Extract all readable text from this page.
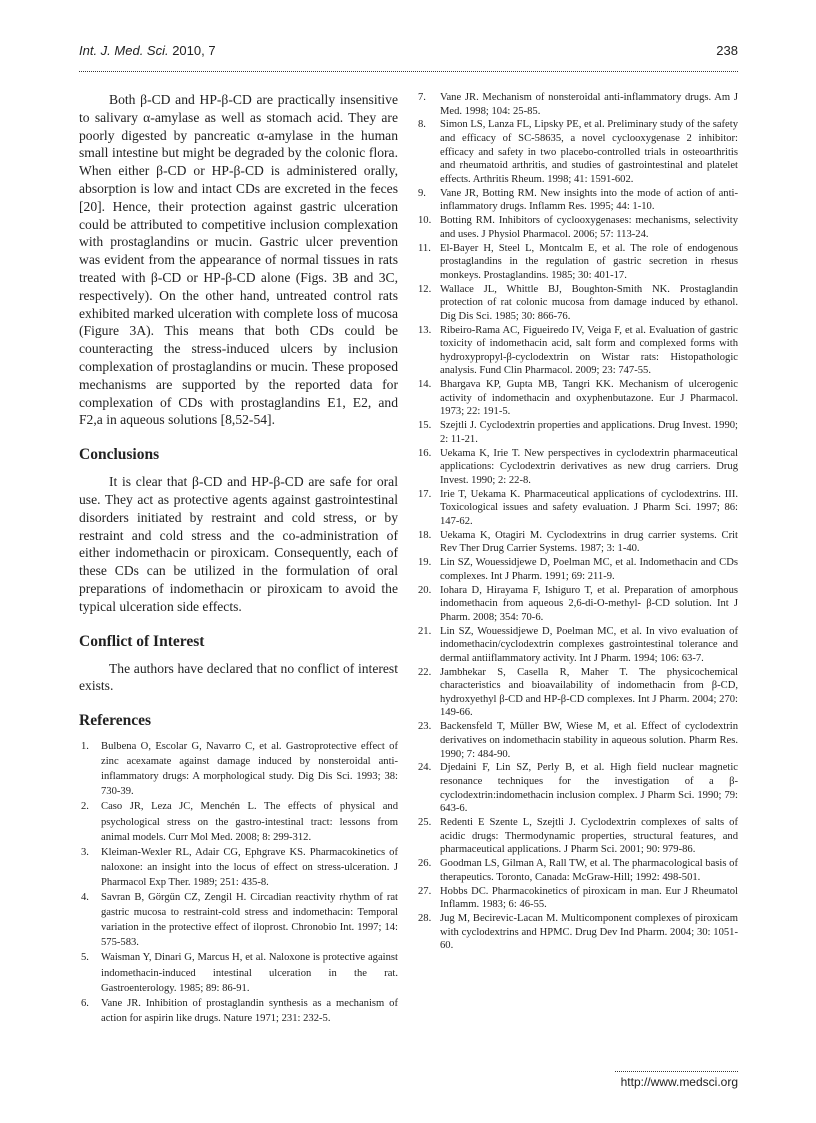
Int. J. Med. Sci. 2010, 7	238

Both β-CD and HP-β-CD are practically insensitive to salivary α-amylase as well as stomach acid. They are poorly digested by pancreatic α-amylase in the human small intestine but might be degraded by the colonic flora. When either β-CD or HP-β-CD is administered orally, absorption is low and intact CDs are excreted in the feces [20]. Hence, their protection against gastric ulceration could be attributed to competitive inclusion complexation with prostaglandins or mucin. Gastric ulcer prevention was evident from the appearance of normal tissues in rats treated with β-CD or HP-β-CD alone (Figs. 3B and 3C, respectively). On the other hand, untreated control rats exhibited marked ulceration with complete loss of mucosa (Figure 3A). This means that both CDs could be counteracting the stress-induced ulcers by inclusion complexation of prostaglandins or mucin. These proposed mechanisms are supported by the reported data for complexation of CDs with prostaglandins E1, E2, and F2,a in aqueous solutions [8,52-54].

Conclusions

It is clear that β-CD and HP-β-CD are safe for oral use. They act as protective agents against gastrointestinal disorders initiated by restraint and cold stress, or by restraint and cold stress and the co-administration of either indomethacin or piroxicam. Consequently, each of these CDs can be utilized in the formulation of oral preparations of indomethacin or piroxicam to avoid the typical ulceration side effects.

Conflict of Interest

The authors have declared that no conflict of interest exists.

References
1. Bulbena O, Escolar G, Navarro C, et al. Gastroprotective effect of zinc acexamate against damage induced by nonsteroidal anti-inflammatory drugs: A morphological study. Dig Dis Sci. 1993; 38: 730-39.
2. Caso JR, Leza JC, Menchén L. The effects of physical and psychological stress on the gastro-intestinal tract: lessons from animal models. Curr Mol Med. 2008; 8: 299-312.
3. Kleiman-Wexler RL, Adair CG, Ephgrave KS. Pharmacokinetics of naloxone: an insight into the locus of effect on stress-ulceration. J Pharmacol Exp Ther. 1989; 251: 435-8.
4. Savran B, Görgün CZ, Zengil H. Circadian reactivity rhythm of rat gastric mucosa to restraint-cold stress and indomethacin: Temporal variation in the protective effect of iloprost. Chronobio Int. 1997; 14: 575-583.
5. Waisman Y, Dinari G, Marcus H, et al. Naloxone is protective against indomethacin-induced intestinal ulceration in the rat. Gastroenterology. 1985; 89: 86-91.
6. Vane JR. Inhibition of prostaglandin synthesis as a mechanism of action for aspirin like drugs. Nature 1971; 231: 232-5.
7. Vane JR. Mechanism of nonsteroidal anti-inflammatory drugs. Am J Med. 1998; 104: 25-85.
8. Simon LS, Lanza FL, Lipsky PE, et al. Preliminary study of the safety and efficacy of SC-58635, a novel cyclooxygenase 2 inhibitor: efficacy and safety in two placebo-controlled trials in osteoarthritis and rheumatoid arthritis, and studies of gastrointestinal and platelet effects. Arthritis Rheum. 1998; 41: 1591-602.
9. Vane JR, Botting RM. New insights into the mode of action of anti-inflammatory drugs. Inflamm Res. 1995; 44: 1-10.
10. Botting RM. Inhibitors of cyclooxygenases: mechanisms, selectivity and uses. J Physiol Pharmacol. 2006; 57: 113-24.
11. El-Bayer H, Steel L, Montcalm E, et al. The role of endogenous prostaglandins in the regulation of gastric secretion in rhesus monkeys. Prostaglandins. 1985; 30: 401-17.
12. Wallace JL, Whittle BJ, Boughton-Smith NK. Prostaglandin protection of rat colonic mucosa from damage induced by ethanol. Dig Dis Sci. 1985; 30: 866-76.
13. Ribeiro-Rama AC, Figueiredo IV, Veiga F, et al. Evaluation of gastric toxicity of indomethacin acid, salt form and complexed forms with hydroxypropyl-β-cyclodextrin on Wistar rats: Histopathologic analysis. Fund Clin Pharmacol. 2009; 23: 747-55.
14. Bhargava KP, Gupta MB, Tangri KK. Mechanism of ulcerogenic activity of indomethacin and oxyphenbutazone. Eur J Pharmacol. 1973; 22: 191-5.
15. Szejtli J. Cyclodextrin properties and applications. Drug Invest. 1990; 2: 11-21.
16. Uekama K, Irie T. New perspectives in cyclodextrin pharmaceutical applications: Cyclodextrin derivatives as new drug carriers. Drug Invest. 1990; 2: 22-8.
17. Irie T, Uekama K. Pharmaceutical applications of cyclodextrins. III. Toxicological issues and safety evaluation. J Pharm Sci. 1997; 86: 147-62.
18. Uekama K, Otagiri M. Cyclodextrins in drug carrier systems. Crit Rev Ther Drug Carrier Systems. 1987; 3: 1-40.
19. Lin SZ, Wouessidjewe D, Poelman MC, et al. Indomethacin and CDs complexes. Int J Pharm. 1991; 69: 211-9.
20. Iohara D, Hirayama F, Ishiguro T, et al. Preparation of amorphous indomethacin from aqueous 2,6-di-O-methyl- β-CD solution. Int J Pharm. 2008; 354: 70-6.
21. Lin SZ, Wouessidjewe D, Poelman MC, et al. In vivo evaluation of indomethacin/cyclodextrin complexes gastrointestinal tolerance and dermal antiiflammatory activity. Int J Pharm. 1994; 106: 63-7.
22. Jambhekar S, Casella R, Maher T. The physicochemical characteristics and bioavailability of indomethacin from β-CD, hydroxyethyl β-CD and HP-β-CD complexes. Int J Pharm. 2004; 270: 149-66.
23. Backensfeld T, Müller BW, Wiese M, et al. Effect of cyclodextrin derivatives on indomethacin stability in aqueous solution. Pharm Res. 1990; 7: 484-90.
24. Djedaini F, Lin SZ, Perly B, et al. High field nuclear magnetic resonance techniques for the investigation of a β-cyclodextrin:indomethacin inclusion complex. J Pharm Sci. 1990; 79: 643-6.
25. Redenti E Szente L, Szejtli J. Cyclodextrin complexes of salts of acidic drugs: Thermodynamic properties, structural features, and pharmaceutical applications. J Pharm Sci. 2001; 90: 979-86.
26. Goodman LS, Gilman A, Rall TW, et al. The pharmacological basis of therapeutics. Toronto, Canada: McGraw-Hill; 1992: 498-501.
27. Hobbs DC. Pharmacokinetics of piroxicam in man. Eur J Rheumatol Inflamm. 1983; 6: 46-55.
28. Jug M, Becirevic-Lacan M. Multicomponent complexes of piroxicam with cyclodextrins and HPMC. Drug Dev Ind Pharm. 2004; 30: 1051-60.
http://www.medsci.org
